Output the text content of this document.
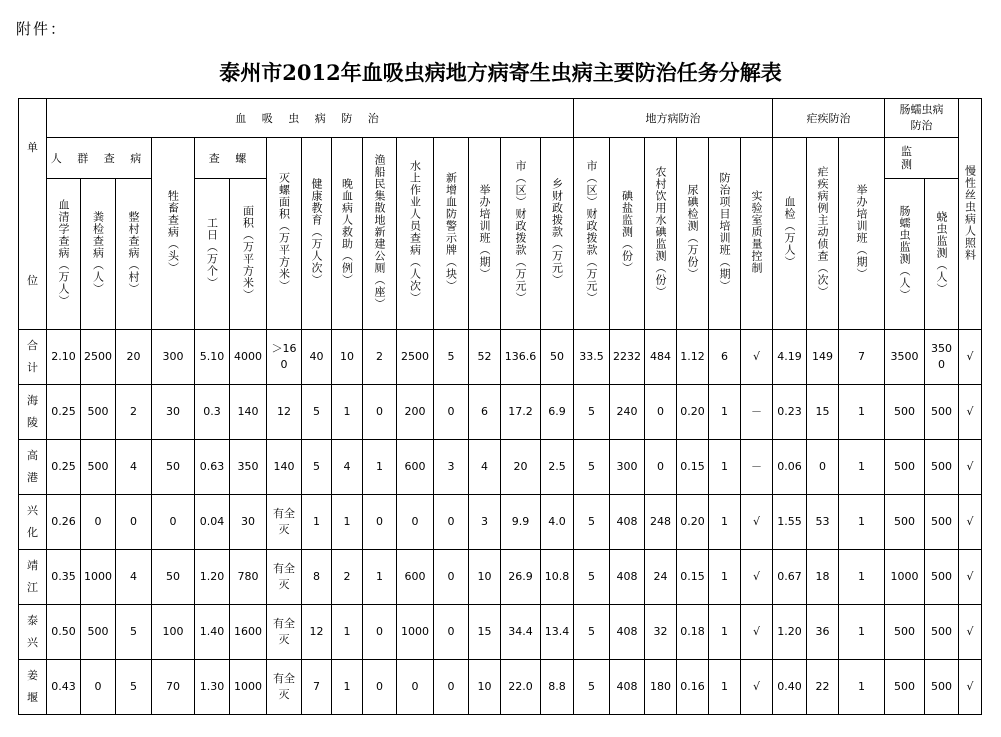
附件：
泰州市2012年血吸虫病地方病寄生虫病主要防治任务分解表
单
位	血 吸 虫 病 防 治															地方病防治						疟疾防治			肠蠕虫病防治		慢性丝虫病人照料
	人 群 查 病			牲畜查病（头）	查 螺		灭螺面积（万平方米）	健康教育（万人次）	晚血病人救助（例）	渔船民集散地新建公厕（座）	水上作业人员查病（人次）	新增血防警示牌（块）	举办培训班（期）	市（区）财政拨款（万元）	乡财政拨款（万元）	市（区）财政拨款（万元）	碘盐监测（份）	农村饮用水碘监测（份）	尿碘检测（万份）	防治项目培训班（期）	实验室质量控制	血检（万人）	疟疾病例主动侦查（次）	举办培训班（期）	监 测		
	血清学查病（万人）	粪检查病（人）	整村查病（村）		工日（万个）	面积（万平方米）																			肠蠕虫监测（人）	蛲虫监测（人）	

合
计	2.10	2500	20	300	5.10	4000	＞160	40	10	2	2500	5	52	136.6	50	33.5	2232	484	1.12	6	√	4.19	149	7	3500	3500	√

海
陵	0.25	500	2	30	0.3	140	12	5	1	0	200	0	6	17.2	6.9	5	240	0	0.20	1	－	0.23	15	1	500	500	√

高
港	0.25	500	4	50	0.63	350	140	5	4	1	600	3	4	20	2.5	5	300	0	0.15	1	－	0.06	0	1	500	500	√

兴
化	0.26	0	0	0	0.04	30	有全灭	1	1	0	0	0	3	9.9	4.0	5	408	248	0.20	1	√	1.55	53	1	500	500	√

靖
江	0.35	1000	4	50	1.20	780	有全灭	8	2	1	600	0	10	26.9	10.8	5	408	24	0.15	1	√	0.67	18	1	1000	500	√

泰
兴	0.50	500	5	100	1.40	1600	有全灭	12	1	0	1000	0	15	34.4	13.4	5	408	32	0.18	1	√	1.20	36	1	500	500	√

姜
堰	0.43	0	5	70	1.30	1000	有全灭	7	1	0	0	0	10	22.0	8.8	5	408	180	0.16	1	√	0.40	22	1	500	500	√
